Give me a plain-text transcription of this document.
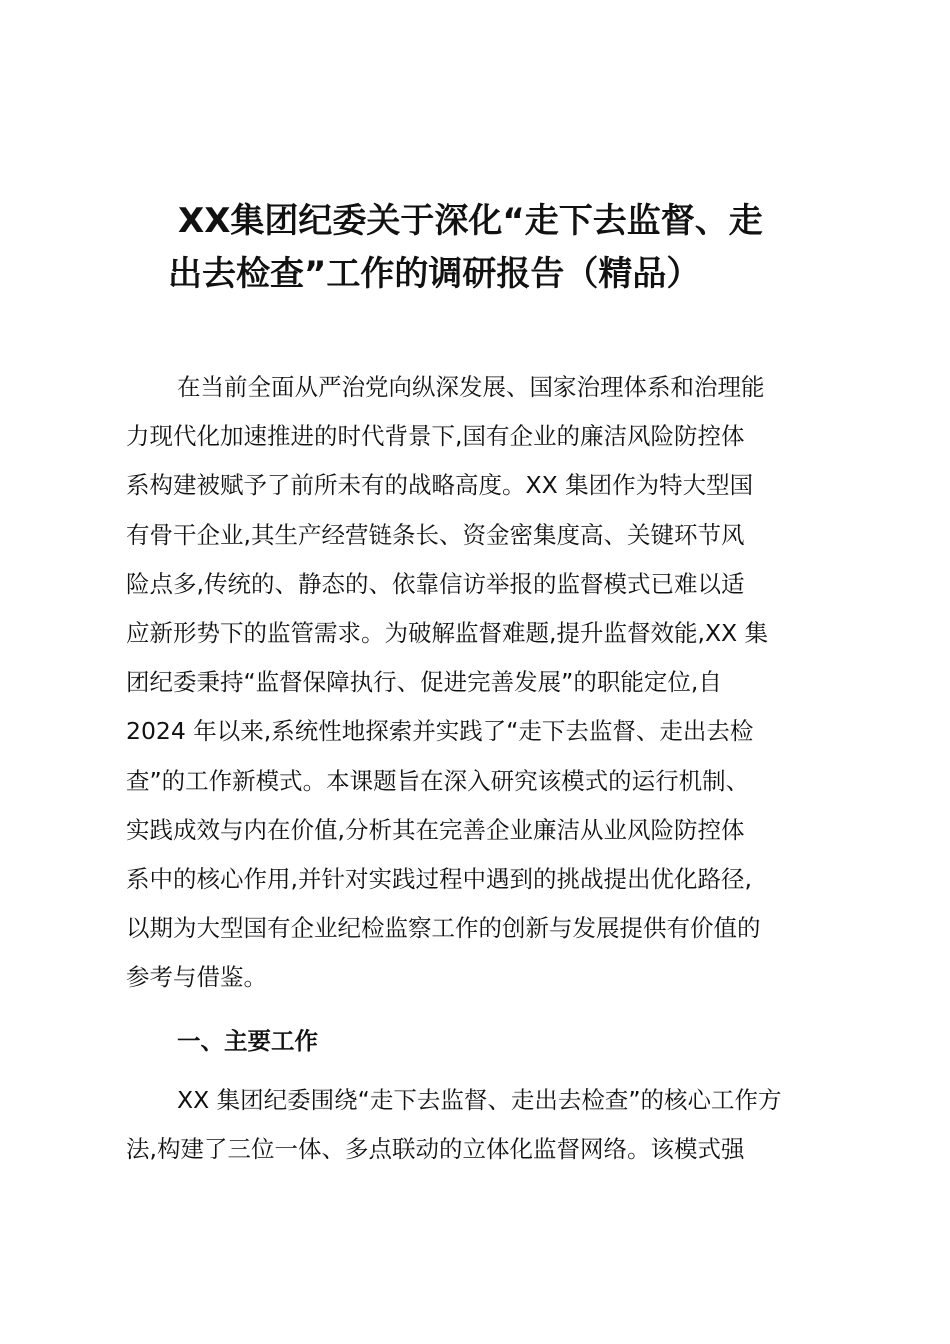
XX集团纪委关于深化“走下去监督、走
出去检查”工作的调研报告（精品）
在当前全面从严治党向纵深发展、国家治理体系和治理能
力现代化加速推进的时代背景下,国有企业的廉洁风险防控体
系构建被赋予了前所未有的战略高度。XX 集团作为特大型国
有骨干企业,其生产经营链条长、资金密集度高、关键环节风
险点多,传统的、静态的、依靠信访举报的监督模式已难以适
应新形势下的监管需求。为破解监督难题,提升监督效能,XX 集
团纪委秉持“监督保障执行、促进完善发展”的职能定位,自
2024 年以来,系统性地探索并实践了“走下去监督、走出去检
查”的工作新模式。本课题旨在深入研究该模式的运行机制、
实践成效与内在价值,分析其在完善企业廉洁从业风险防控体
系中的核心作用,并针对实践过程中遇到的挑战提出优化路径,
以期为大型国有企业纪检监察工作的创新与发展提供有价值的
参考与借鉴。
一、主要工作
XX 集团纪委围绕“走下去监督、走出去检查”的核心工作方
法,构建了三位一体、多点联动的立体化监督网络。该模式强
